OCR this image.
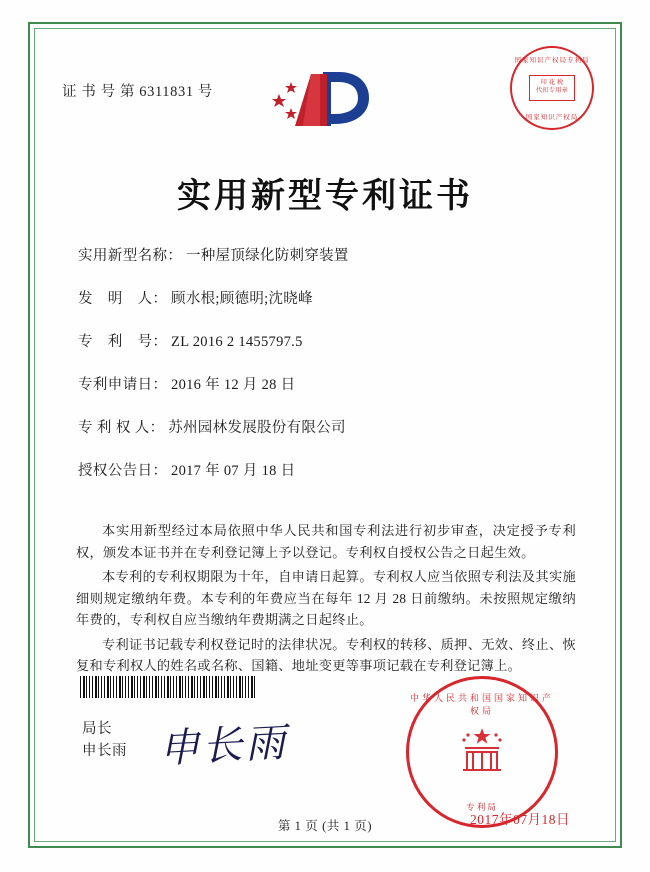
证 书 号 第 6311831 号
国家知识产权局专利局
国家知识产权局
印 花 税
代扣专用章
实用新型专利证书
实用新型名称： 一种屋顶绿化防刺穿装置
发　明　人： 顾水根;顾德明;沈晓峰
专　利　号： ZL 2016 2 1455797.5
专利申请日： 2016 年 12 月 28 日
专 利 权 人： 苏州园林发展股份有限公司
授权公告日： 2017 年 07 月 18 日

本实用新型经过本局依照中华人民共和国专利法进行初步审查，决定授予专利权，颁发本证书并在专利登记簿上予以登记。专利权自授权公告之日起生效。

本专利的专利权期限为十年，自申请日起算。专利权人应当依照专利法及其实施细则规定缴纳年费。本专利的年费应当在每年 12 月 28 日前缴纳。未按照规定缴纳年费的，专利权自应当缴纳年费期满之日起终止。

专利证书记载专利权登记时的法律状况。专利权的转移、质押、无效、终止、恢复和专利权人的姓名或名称、国籍、地址变更等事项记载在专利登记簿上。

局长
申长雨 申长雨
中华人民共和国国家知识产权局
专利局
2017年07月18日
第 1 页 (共 1 页)
